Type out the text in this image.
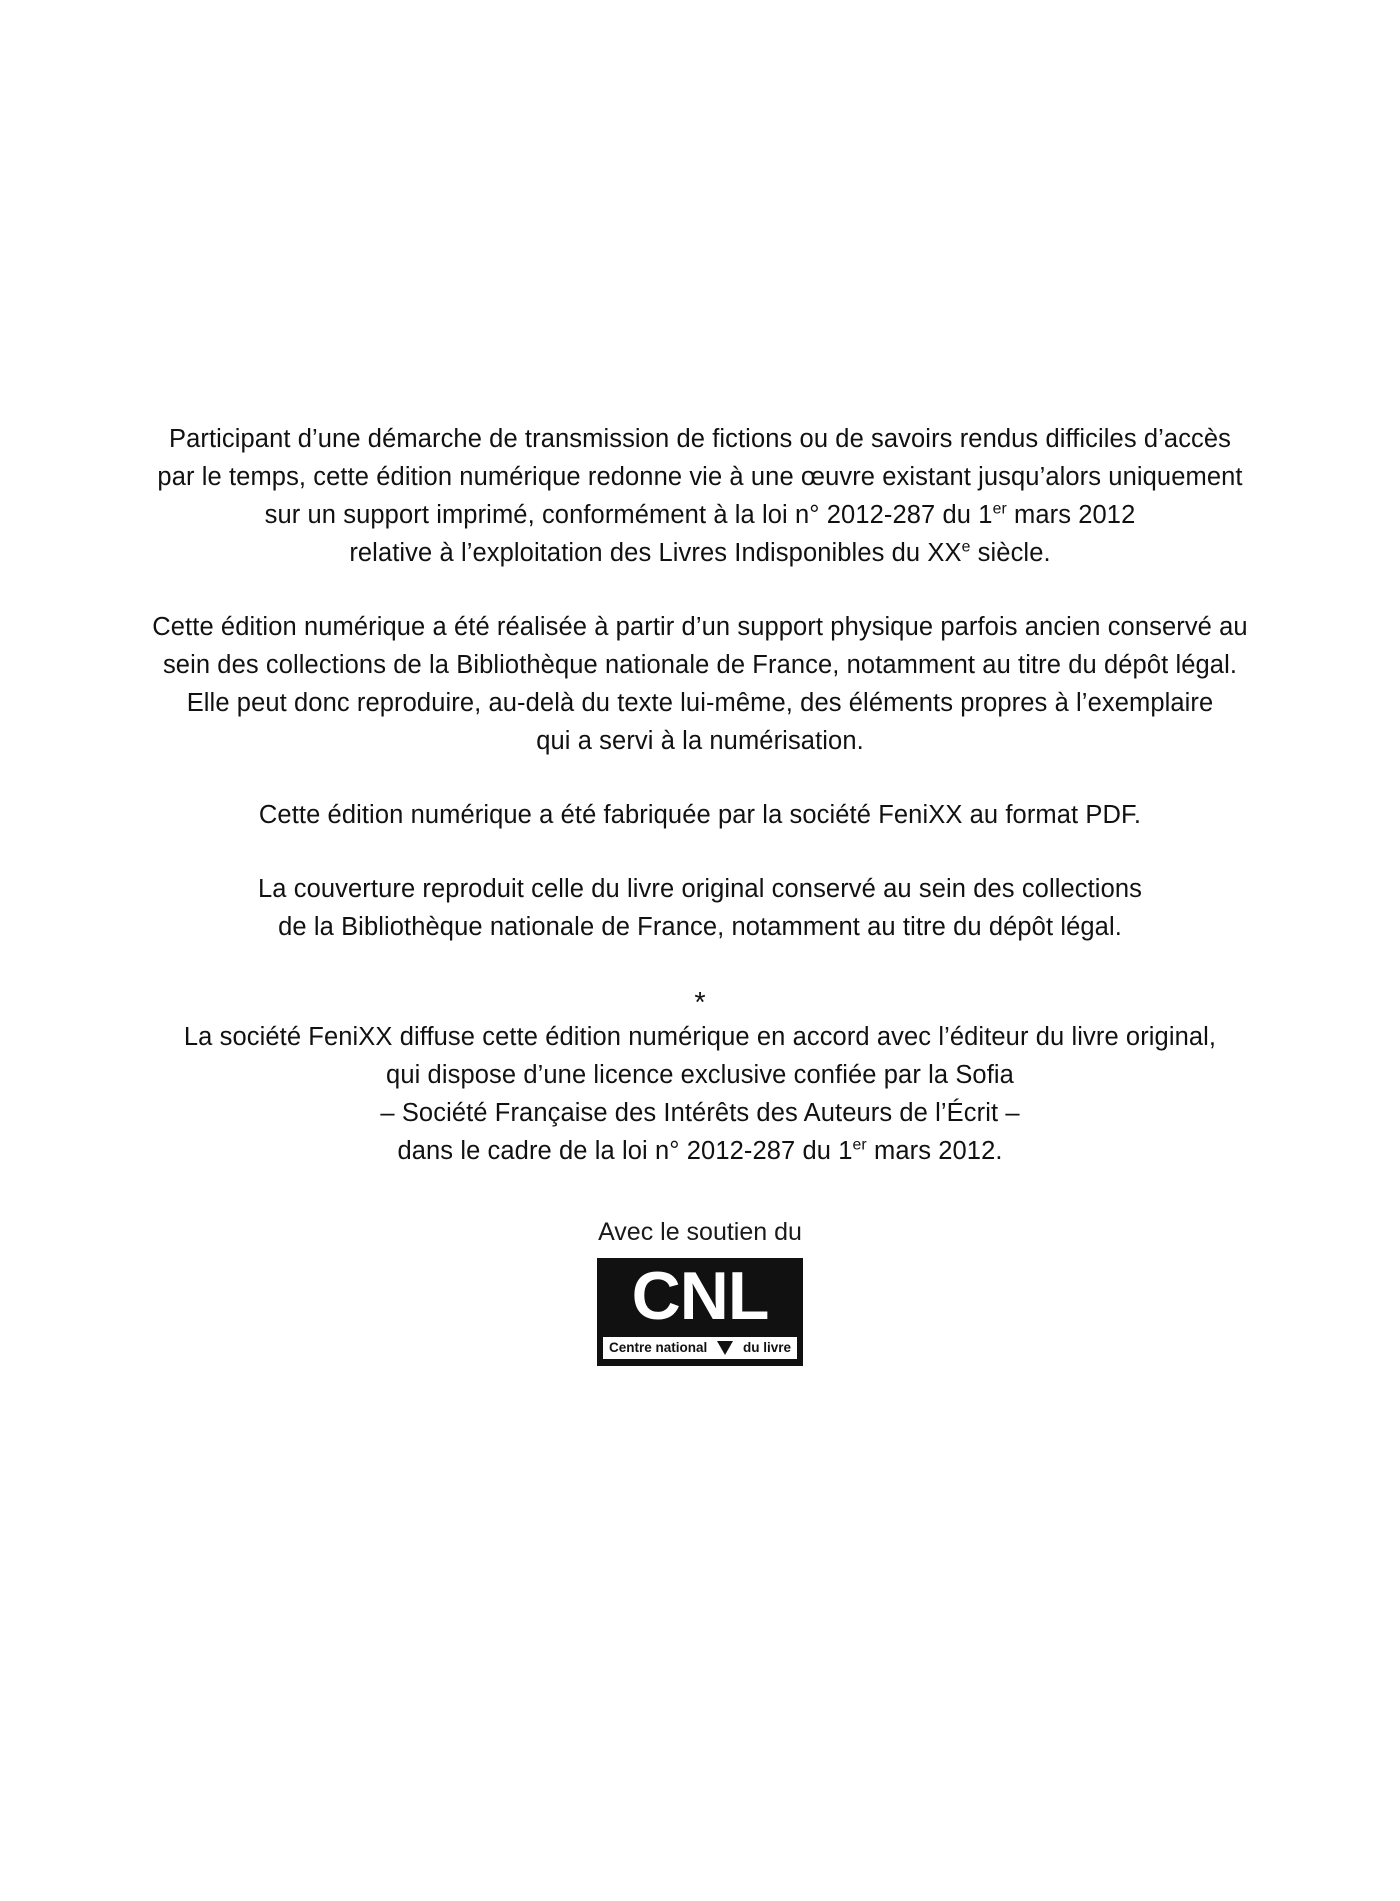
Participant d’une démarche de transmission de fictions ou de savoirs rendus difficiles d’accès
par le temps, cette édition numérique redonne vie à une œuvre existant jusqu’alors uniquement
sur un support imprimé, conformément à la loi n° 2012-287 du 1er mars 2012
relative à l’exploitation des Livres Indisponibles du XXe siècle.
Cette édition numérique a été réalisée à partir d’un support physique parfois ancien conservé au
sein des collections de la Bibliothèque nationale de France, notamment au titre du dépôt légal.
Elle peut donc reproduire, au-delà du texte lui-même, des éléments propres à l’exemplaire
qui a servi à la numérisation.
Cette édition numérique a été fabriquée par la société FeniXX au format PDF.
La couverture reproduit celle du livre original conservé au sein des collections
de la Bibliothèque nationale de France, notamment au titre du dépôt légal.
*
La société FeniXX diffuse cette édition numérique en accord avec l’éditeur du livre original,
qui dispose d’une licence exclusive confiée par la Sofia
– Société Française des Intérêts des Auteurs de l’Écrit –
dans le cadre de la loi n° 2012-287 du 1er mars 2012.
Avec le soutien du
CNL
Centre national	du livre
